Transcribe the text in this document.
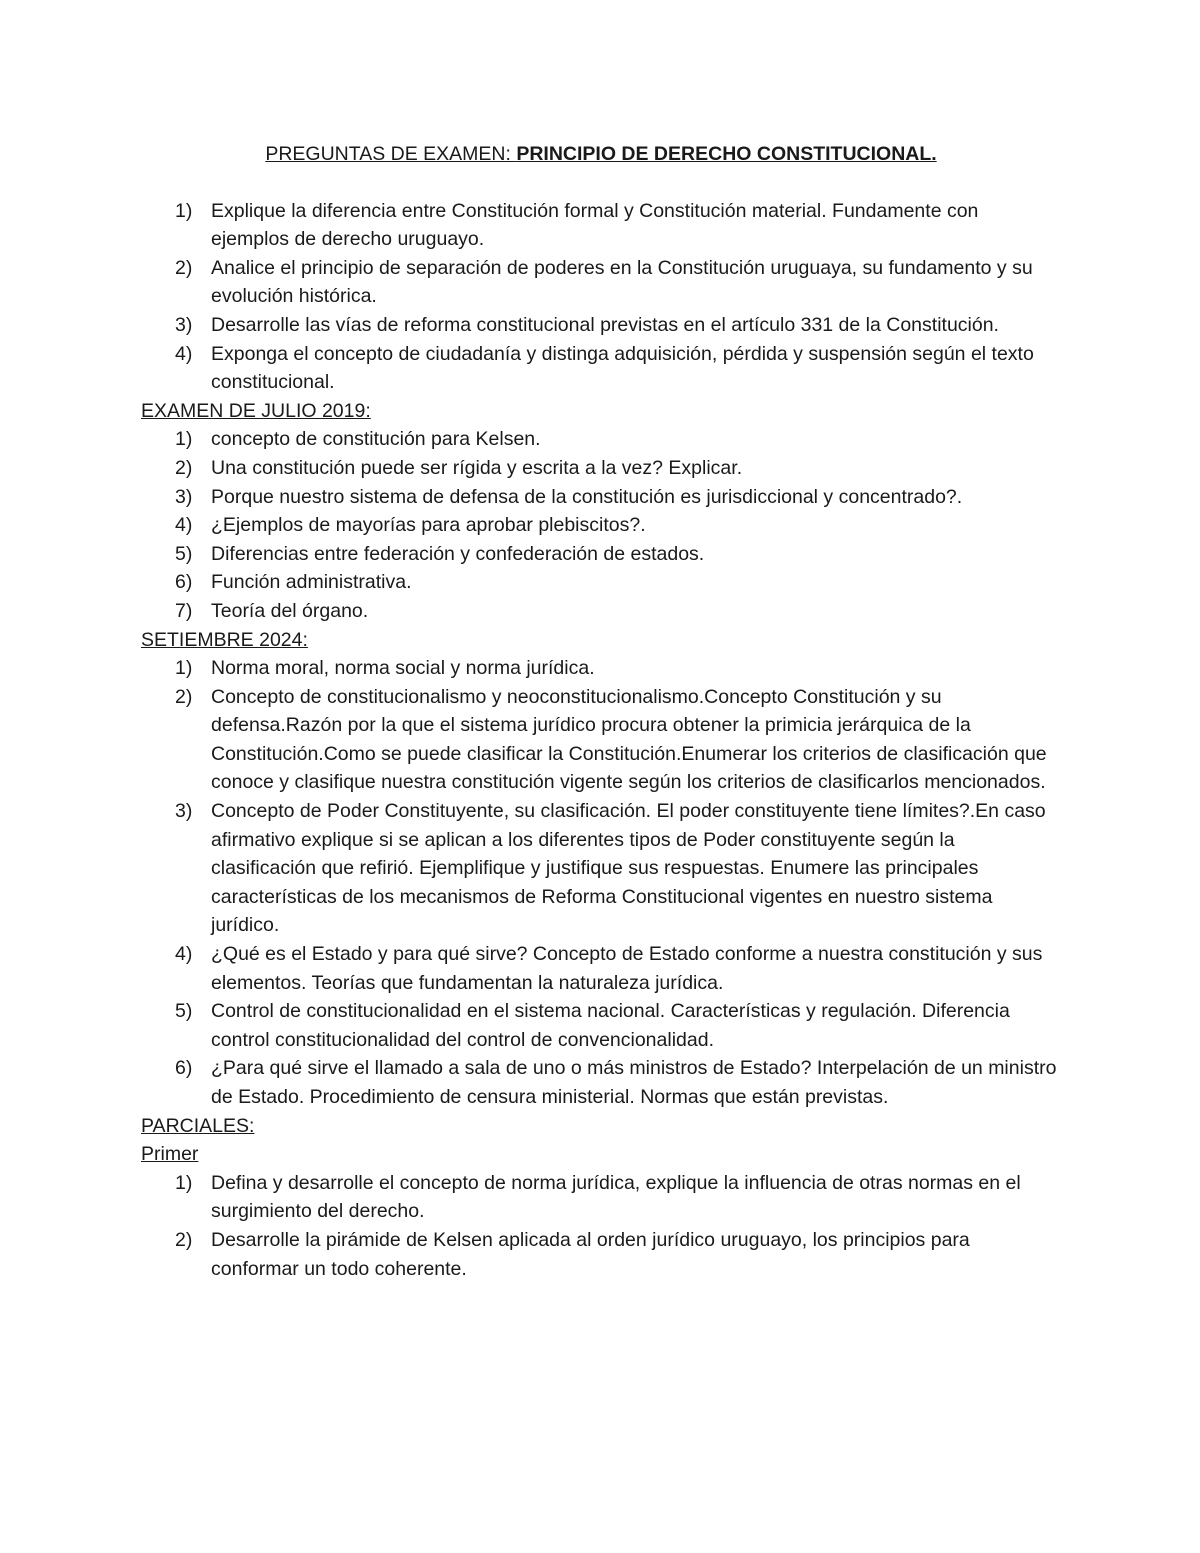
PREGUNTAS DE EXAMEN: PRINCIPIO DE DERECHO CONSTITUCIONAL.
1) Explique la diferencia entre Constitución formal y Constitución material. Fundamente con ejemplos de derecho uruguayo.
2) Analice el principio de separación de poderes en la Constitución uruguaya, su fundamento y su evolución histórica.
3) Desarrolle las vías de reforma constitucional previstas en el artículo 331 de la Constitución.
4) Exponga el concepto de ciudadanía y distinga adquisición, pérdida y suspensión según el texto constitucional.
EXAMEN DE JULIO 2019:
1) concepto de constitución para Kelsen.
2) Una constitución puede ser rígida y escrita a la vez? Explicar.
3) Porque nuestro sistema de defensa de la constitución es jurisdiccional y concentrado?.
4) ¿Ejemplos de mayorías para aprobar plebiscitos?.
5) Diferencias entre federación y confederación de estados.
6) Función administrativa.
7) Teoría del órgano.
SETIEMBRE 2024:
1) Norma moral, norma social y norma jurídica.
2) Concepto de constitucionalismo y neoconstitucionalismo.Concepto Constitución y su defensa.Razón por la que el sistema jurídico procura obtener la primicia jerárquica de la Constitución.Como se puede clasificar la Constitución.Enumerar los criterios de clasificación que conoce y clasifique nuestra constitución vigente según los criterios de clasificarlos mencionados.
3) Concepto de Poder Constituyente, su clasificación. El poder constituyente tiene límites?.En caso afirmativo explique si se aplican a los diferentes tipos de Poder constituyente según la clasificación que refirió. Ejemplifique y justifique sus respuestas. Enumere las principales características de los mecanismos de Reforma Constitucional vigentes en nuestro sistema jurídico.
4) ¿Qué es el Estado y para qué sirve? Concepto de Estado conforme a nuestra constitución y sus elementos. Teorías que fundamentan la naturaleza jurídica.
5) Control de constitucionalidad en el sistema nacional. Características y regulación. Diferencia control constitucionalidad del control de convencionalidad.
6) ¿Para qué sirve el llamado a sala de uno o más ministros de Estado? Interpelación de un ministro de Estado. Procedimiento de censura ministerial. Normas que están previstas.
PARCIALES:
Primer
1) Defina y desarrolle el concepto de norma jurídica, explique la influencia de otras normas en el surgimiento del derecho.
2) Desarrolle la pirámide de Kelsen aplicada al orden jurídico uruguayo, los principios para conformar un todo coherente.
